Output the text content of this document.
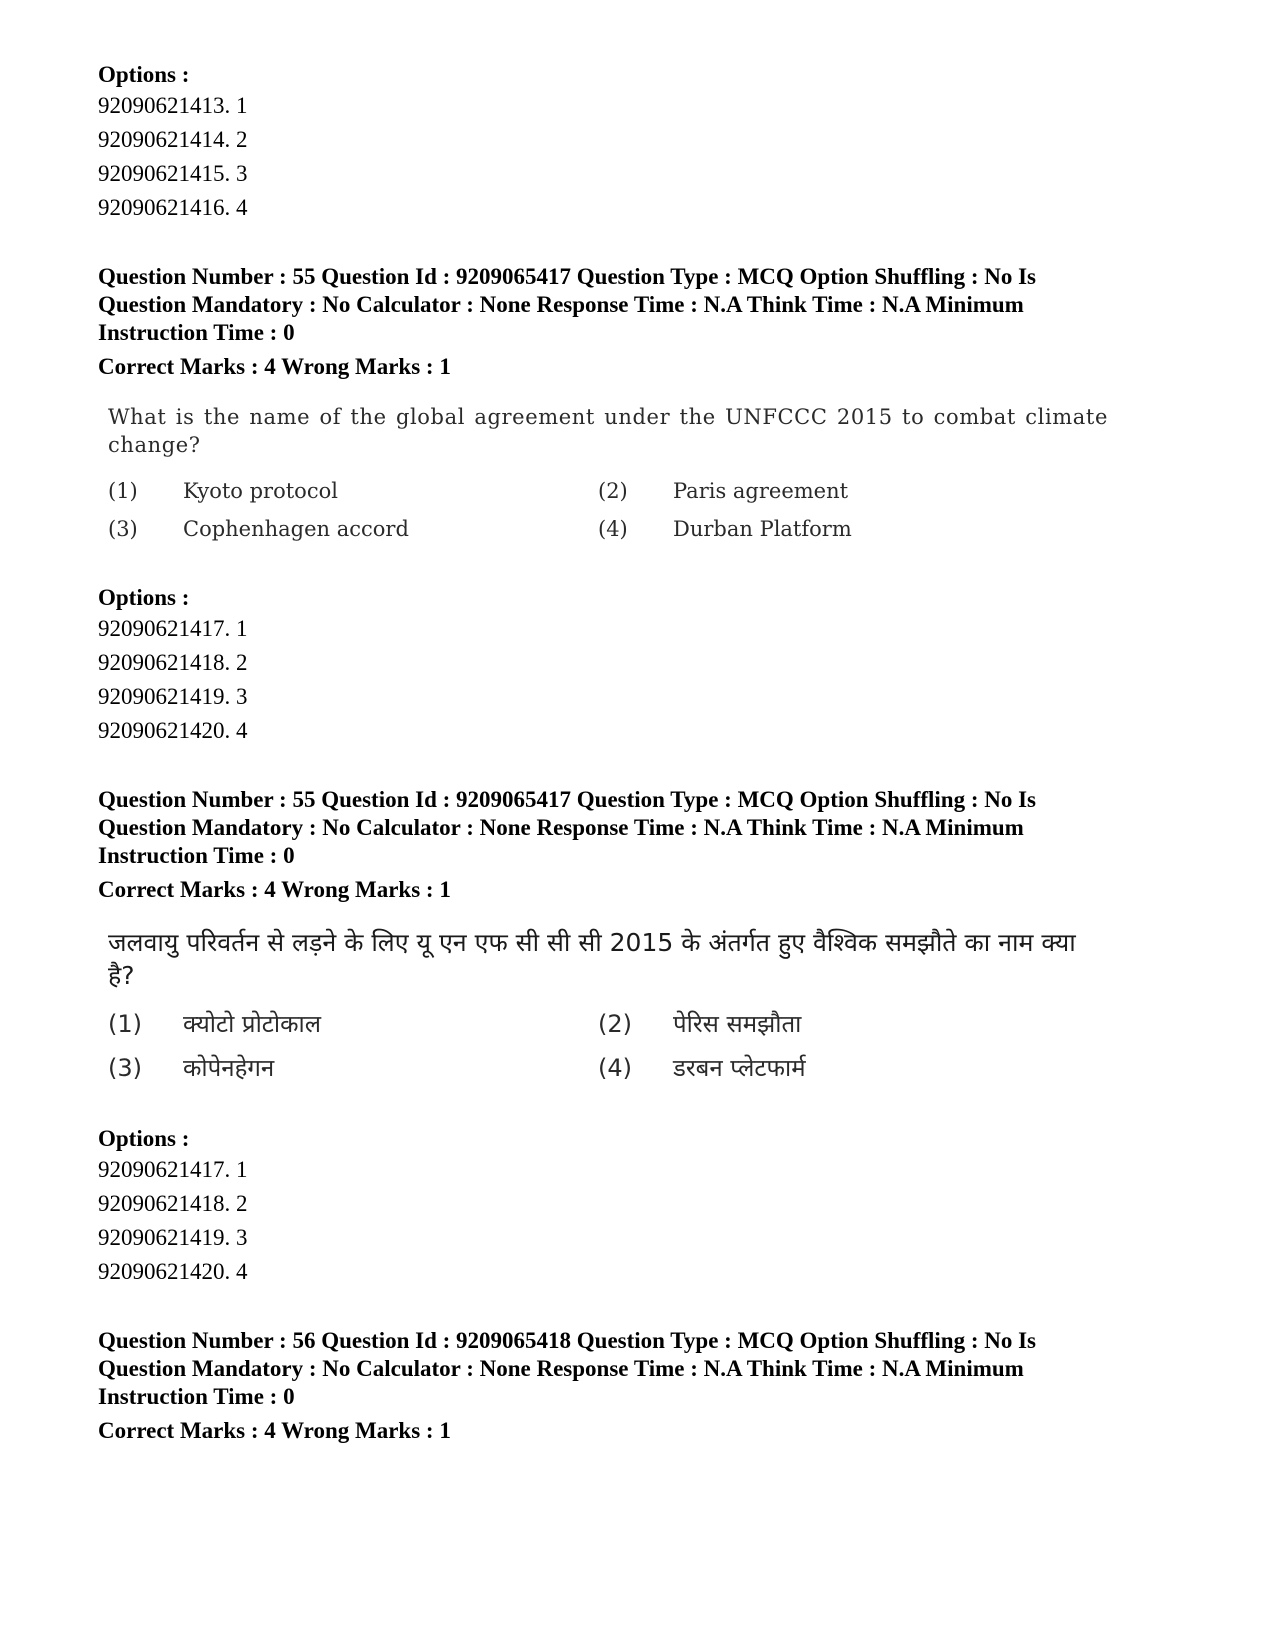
Options :
92090621413. 1
92090621414. 2
92090621415. 3
92090621416. 4
Question Number : 55 Question Id : 9209065417 Question Type : MCQ Option Shuffling : No Is
Question Mandatory : No Calculator : None Response Time : N.A Think Time : N.A Minimum
Instruction Time : 0
Correct Marks : 4 Wrong Marks : 1
What is the name of the global agreement under the UNFCCC 2015 to combat climate change?
(1)	Kyoto protocol	(2)	Paris agreement
(3)	Cophenhagen accord	(4)	Durban Platform
Options :
92090621417. 1
92090621418. 2
92090621419. 3
92090621420. 4
Question Number : 55 Question Id : 9209065417 Question Type : MCQ Option Shuffling : No Is
Question Mandatory : No Calculator : None Response Time : N.A Think Time : N.A Minimum
Instruction Time : 0
Correct Marks : 4 Wrong Marks : 1
जलवायु परिवर्तन से लड़ने के लिए यू एन एफ सी सी सी 2015 के अंतर्गत हुए वैश्विक समझौते का नाम क्या है?
(1)	क्योटो प्रोटोकाल	(2)	पेरिस समझौता
(3)	कोपेनहेगन	(4)	डरबन प्लेटफार्म
Options :
92090621417. 1
92090621418. 2
92090621419. 3
92090621420. 4
Question Number : 56 Question Id : 9209065418 Question Type : MCQ Option Shuffling : No Is
Question Mandatory : No Calculator : None Response Time : N.A Think Time : N.A Minimum
Instruction Time : 0
Correct Marks : 4 Wrong Marks : 1
